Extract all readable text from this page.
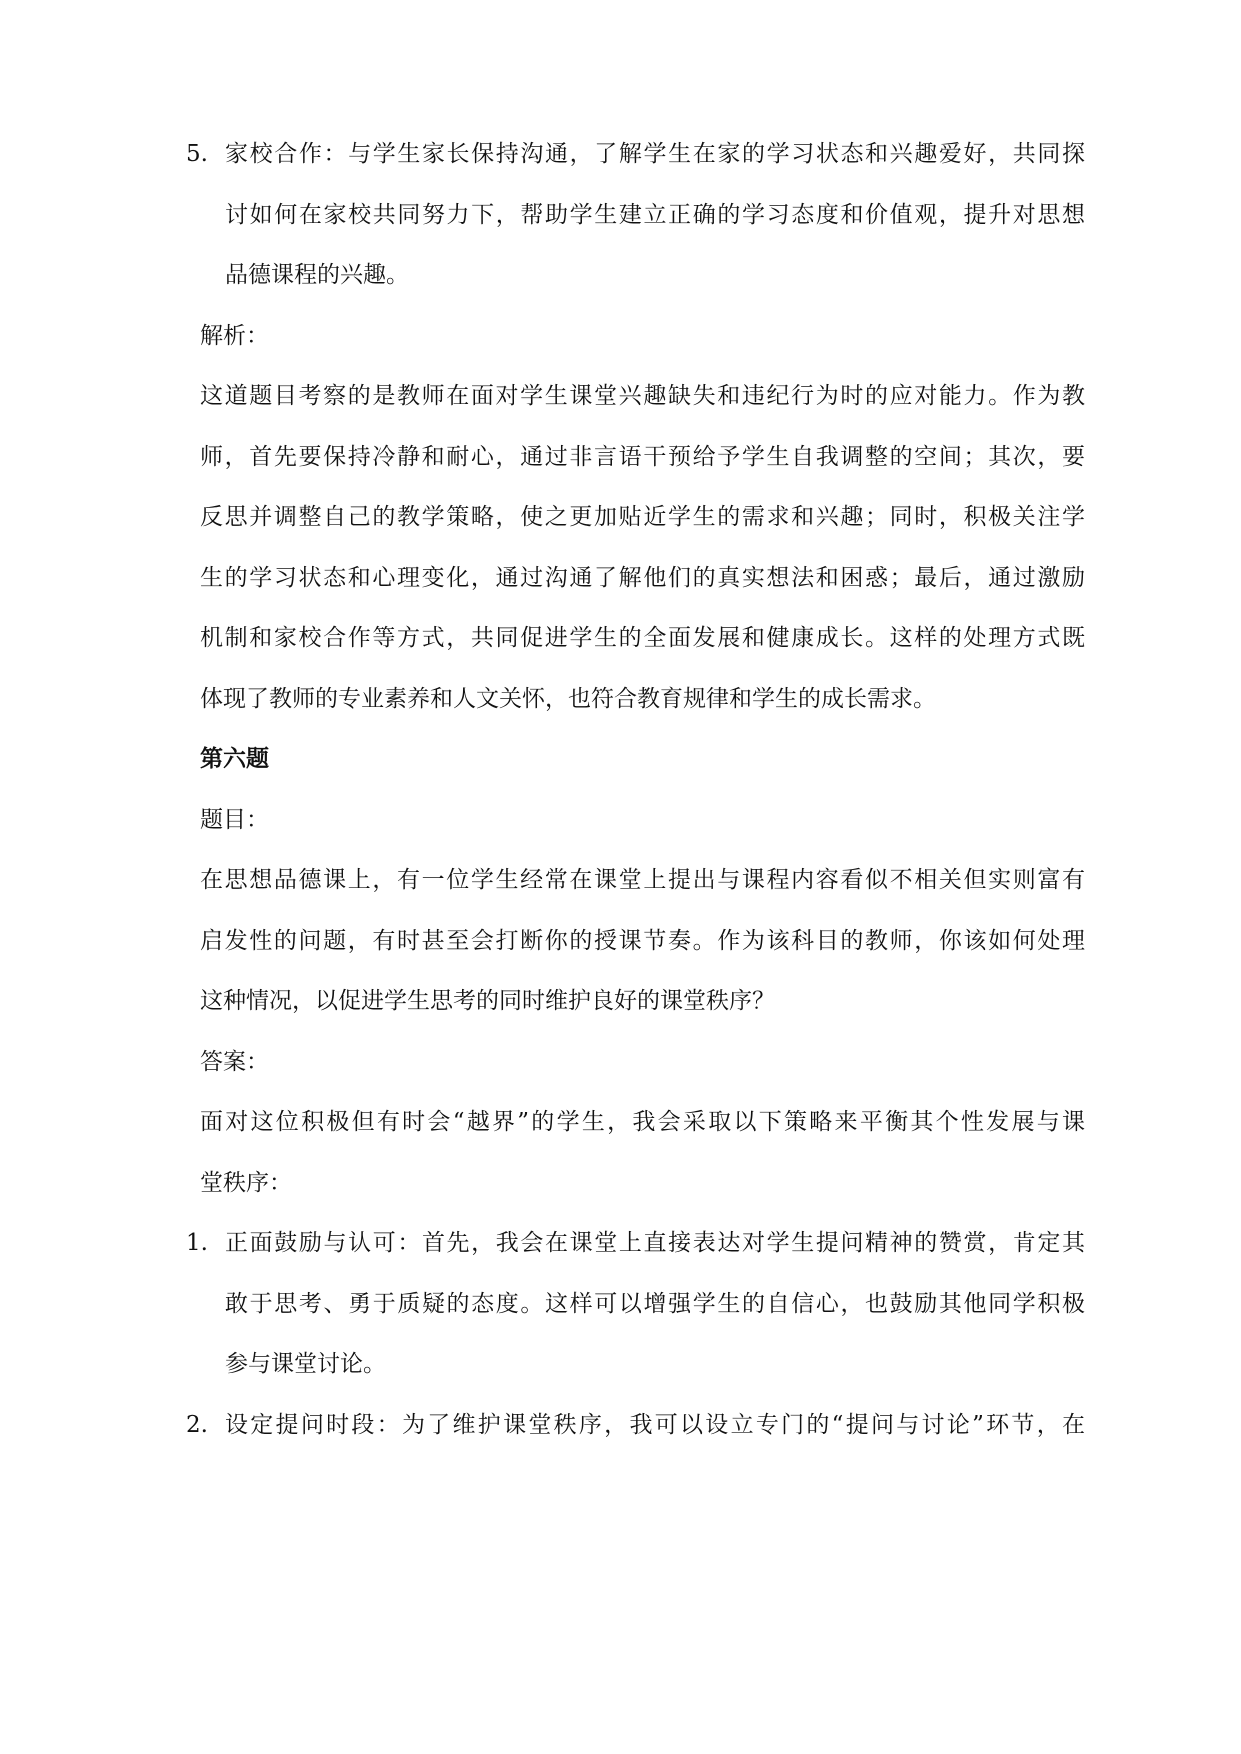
5. 家校合作：与学生家长保持沟通，了解学生在家的学习状态和兴趣爱好，共同探
讨如何在家校共同努力下，帮助学生建立正确的学习态度和价值观，提升对思想
品德课程的兴趣。
解析：
这道题目考察的是教师在面对学生课堂兴趣缺失和违纪行为时的应对能力。作为教
师，首先要保持冷静和耐心，通过非言语干预给予学生自我调整的空间；其次，要
反思并调整自己的教学策略，使之更加贴近学生的需求和兴趣；同时，积极关注学
生的学习状态和心理变化，通过沟通了解他们的真实想法和困惑；最后，通过激励
机制和家校合作等方式，共同促进学生的全面发展和健康成长。这样的处理方式既
体现了教师的专业素养和人文关怀，也符合教育规律和学生的成长需求。
第六题
题目：
在思想品德课上，有一位学生经常在课堂上提出与课程内容看似不相关但实则富有
启发性的问题，有时甚至会打断你的授课节奏。作为该科目的教师，你该如何处理
这种情况，以促进学生思考的同时维护良好的课堂秩序？
答案：
面对这位积极但有时会“越界”的学生，我会采取以下策略来平衡其个性发展与课
堂秩序：
1. 正面鼓励与认可：首先，我会在课堂上直接表达对学生提问精神的赞赏，肯定其
敢于思考、勇于质疑的态度。这样可以增强学生的自信心，也鼓励其他同学积极
参与课堂讨论。
2. 设定提问时段：为了维护课堂秩序，我可以设立专门的“提问与讨论”环节，在
